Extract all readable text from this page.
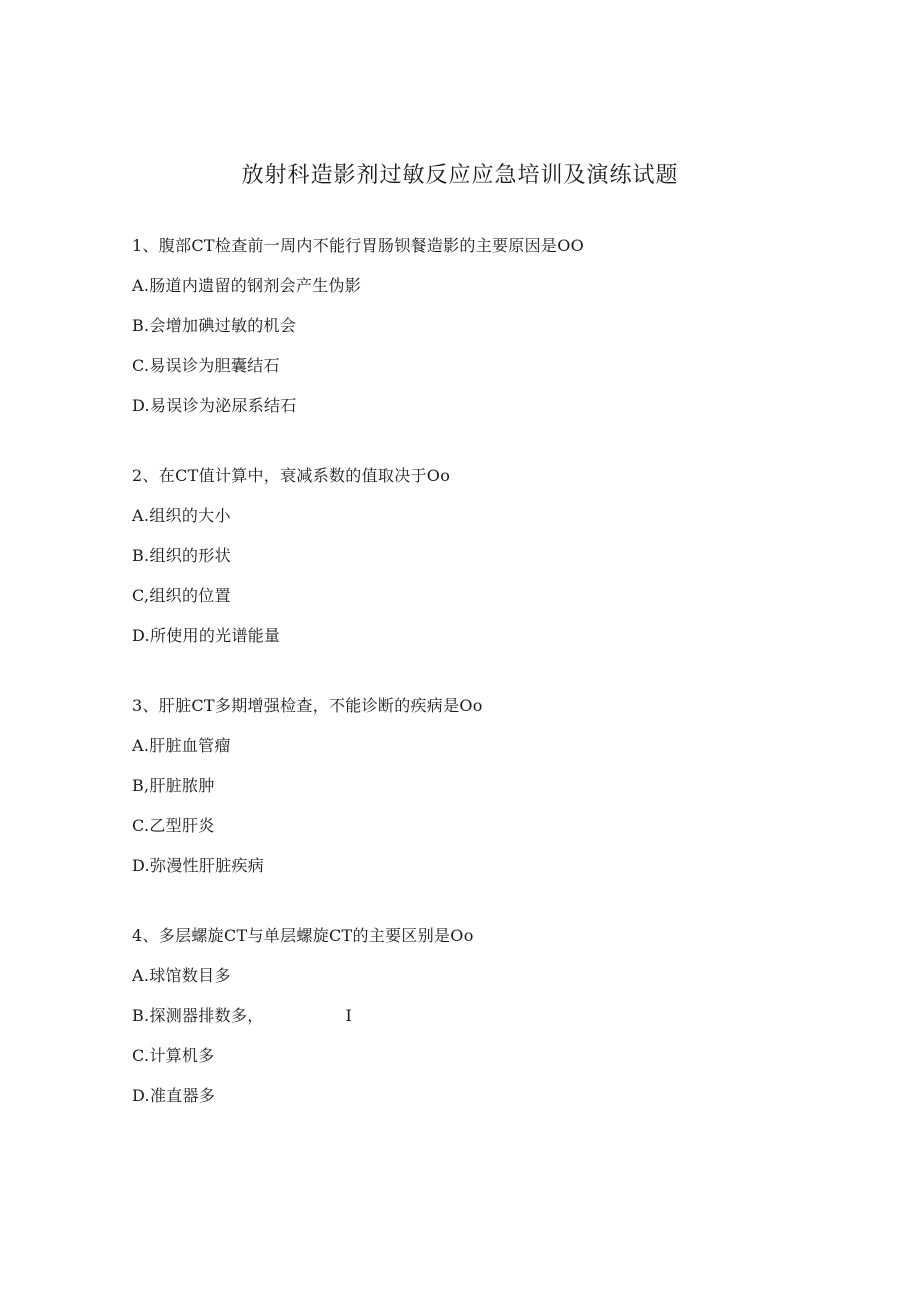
放射科造影剂过敏反应应急培训及演练试题
1、腹部CT检查前一周内不能行胃肠钡餐造影的主要原因是OO
A.肠道内遗留的钢剂会产生伪影
B.会增加碘过敏的机会
C.易误诊为胆囊结石
D.易误诊为泌尿系结石
2、在CT值计算中，衰减系数的值取决于Oo
A.组织的大小
B.组织的形状
C,组织的位置
D.所使用的光谱能量
3、肝脏CT多期增强检查，不能诊断的疾病是Oo
A.肝脏血管瘤
B,肝脏脓肿
C.乙型肝炎
D.弥漫性肝脏疾病
4、多层螺旋CT与单层螺旋CT的主要区别是Oo
A.球馆数目多
B.探测器排数多，	I
C.计算机多
D.准直器多
